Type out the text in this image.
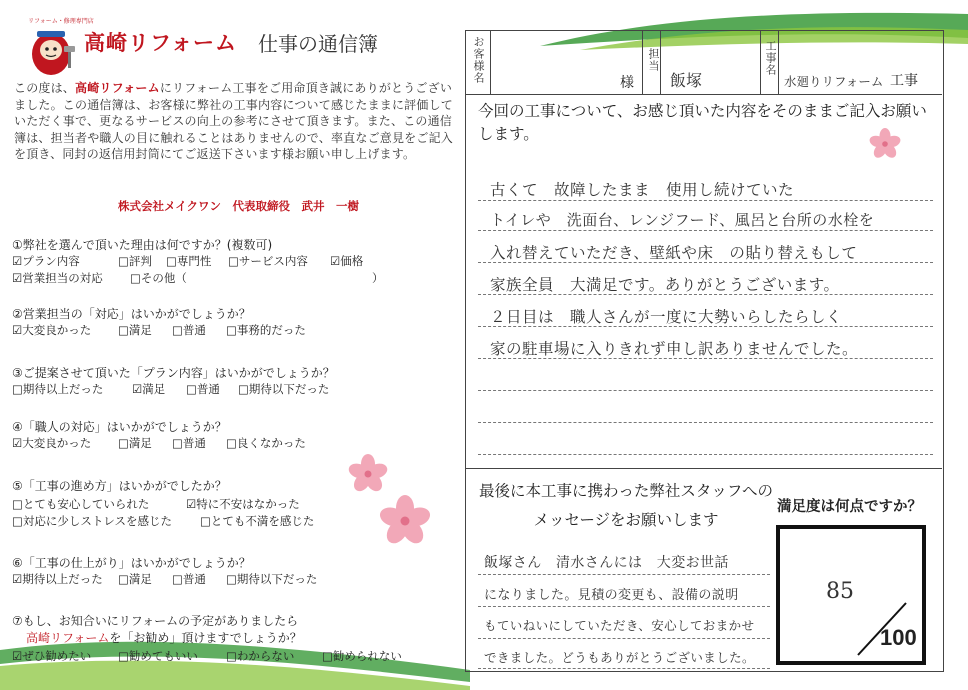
リフォーム・修理専門店
高崎リフォーム 仕事の通信簿
この度は、高崎リフォームにリフォーム工事をご用命頂き誠にありがとうございました。この通信簿は、お客様に弊社の工事内容について感じたままに評価していただく事で、更なるサービスの向上の参考にさせて頂きます。また、この通信簿は、担当者や職人の目に触れることはありませんので、率直なご意見をご記入を頂き、同封の返信用封筒にてご返送下さいます様お願い申し上げます。
株式会社メイクワン　代表取締役　武井　一樹
①弊社を選んで頂いた理由は何ですか？(複数可)
☑プラン内容	□評判 □専門性 □サービス内容 ☑価格
☑営業担当の対応 □その他（	）
②営業担当の「対応」はいかがでしょうか？
☑大変良かった □満足 □普通 □事務的だった
③ご提案させて頂いた「プラン内容」はいかがでしょうか？
□期待以上だった ☑満足 □普通 □期待以下だった
④「職人の対応」はいかがでしょうか？
☑大変良かった □満足 □普通 □良くなかった
⑤「工事の進め方」はいかがでしたか？
□とても安心していられた	☑特に不安はなかった
□対応に少しストレスを感じた □とても不満を感じた
⑥「工事の仕上がり」はいかがでしょうか？
☑期待以上だった □満足 □普通 □期待以下だった
⑦もし、お知合いにリフォームの予定がありましたら
高崎リフォームを「お勧め」頂けますでしょうか？
☑ぜひ勧めたい □勧めてもいい □わからない □勧められない
お客様名	様
担当
飯塚
工事名
水廻りリフォーム 工事
今回の工事について、お感じ頂いた内容をそのままご記入お願いします。
古くて　故障したまま　使用し続けていた
トイレや　洗面台、レンジフード、風呂と台所の水栓を
入れ替えていただき、壁紙や床　の貼り替えもして
家族全員　大満足です。ありがとうございます。
２日目は　職人さんが一度に大勢いらしたらしく
家の駐車場に入りきれず申し訳ありませんでした。
最後に本工事に携わった弊社スタッフへのメッセージをお願いします
満足度は何点ですか？
85
100
飯塚さん　清水さんには　大変お世話
になりました。見積の変更も、設備の説明
もていねいにしていただき、安心しておまかせ
できました。どうもありがとうございました。
